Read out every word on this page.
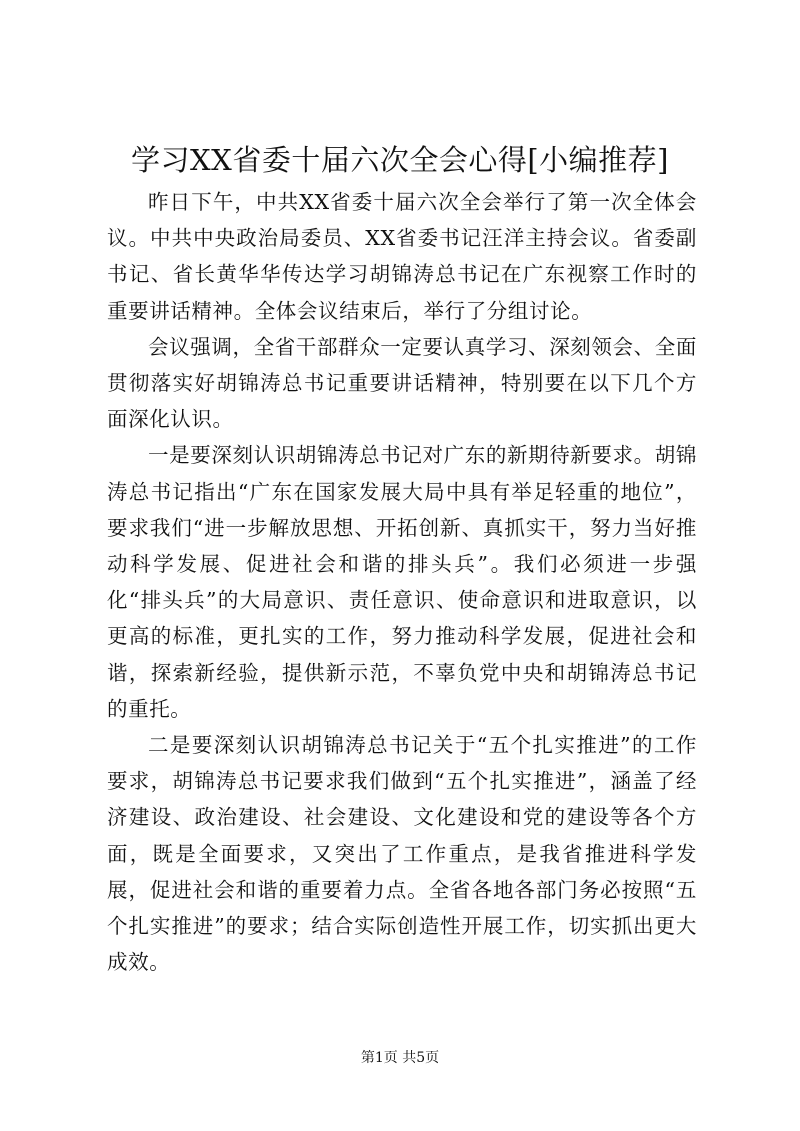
学习XX省委十届六次全会心得[小编推荐]

昨日下午，中共XX省委十届六次全会举行了第一次全体会议。中共中央政治局委员、XX省委书记汪洋主持会议。省委副书记、省长黄华华传达学习胡锦涛总书记在广东视察工作时的重要讲话精神。全体会议结束后，举行了分组讨论。

会议强调，全省干部群众一定要认真学习、深刻领会、全面贯彻落实好胡锦涛总书记重要讲话精神，特别要在以下几个方面深化认识。

一是要深刻认识胡锦涛总书记对广东的新期待新要求。胡锦涛总书记指出“广东在国家发展大局中具有举足轻重的地位”，要求我们“进一步解放思想、开拓创新、真抓实干，努力当好推动科学发展、促进社会和谐的排头兵”。我们必须进一步强化“排头兵”的大局意识、责任意识、使命意识和进取意识，以更高的标准，更扎实的工作，努力推动科学发展，促进社会和谐，探索新经验，提供新示范，不辜负党中央和胡锦涛总书记的重托。

二是要深刻认识胡锦涛总书记关于“五个扎实推进”的工作要求，胡锦涛总书记要求我们做到“五个扎实推进”，涵盖了经济建设、政治建设、社会建设、文化建设和党的建设等各个方面，既是全面要求，又突出了工作重点，是我省推进科学发展，促进社会和谐的重要着力点。全省各地各部门务必按照“五个扎实推进”的要求；结合实际创造性开展工作，切实抓出更大成效。

第1页 共5页
